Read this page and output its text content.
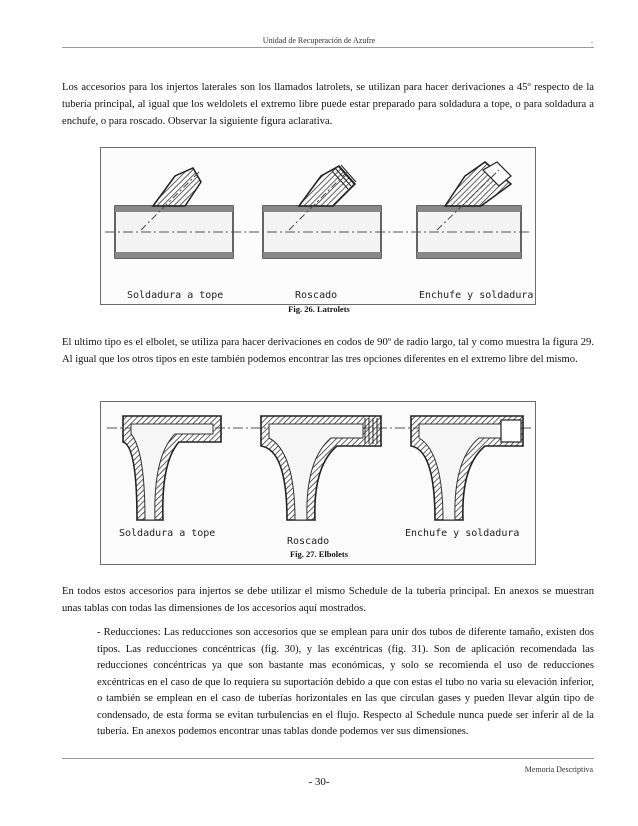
Unidad de Recuperación de Azufre	.
Los accesorios para los injertos laterales son los llamados latrolets, se utilizan para hacer derivaciones a 45º respecto de la tubería principal, al igual que los weldolets el extremo libre puede estar preparado para soldadura a tope, o para soldadura a enchufe, o para roscado. Observar la siguiente figura aclarativa.
Soldadura a tope	Roscado	Enchufe y soldadura
Fig. 26. Latrolets
El ultimo tipo es el elbolet, se utiliza para hacer derivaciones en codos de 90º de radio largo, tal y como muestra la figura 29. Al igual que los otros tipos en este también podemos encontrar las tres opciones diferentes en el extremo libre del mismo.
Soldadura a tope
Roscado
Enchufe y soldadura
Fig. 27. Elbolets
En todos estos accesorios para injertos se debe utilizar el mismo Schedule de la tubería principal. En anexos se muestran unas tablas con todas las dimensiones de los accesorios aquí mostrados.
- Reducciones: Las reducciones son accesorios que se emplean para unir dos tubos de diferente tamaño, existen dos tipos. Las reducciones concéntricas (fig. 30), y las excéntricas (fig. 31). Son de aplicación recomendada las reducciones concéntricas ya que son bastante mas económicas, y solo se recomienda el uso de reducciones excéntricas en el caso de que lo requiera su suportación debido a que con estas el tubo no varia su elevación inferior, o también se emplean en el caso de tuberías horizontales en las que circulan gases y pueden llevar algún tipo de condensado, de esta forma se evitan turbulencias en el flujo. Respecto al Schedule nunca puede ser inferir al de la tubería. En anexos podemos encontrar unas tablas donde podemos ver sus dimensiones.
Memoria Descriptiva
- 30-
